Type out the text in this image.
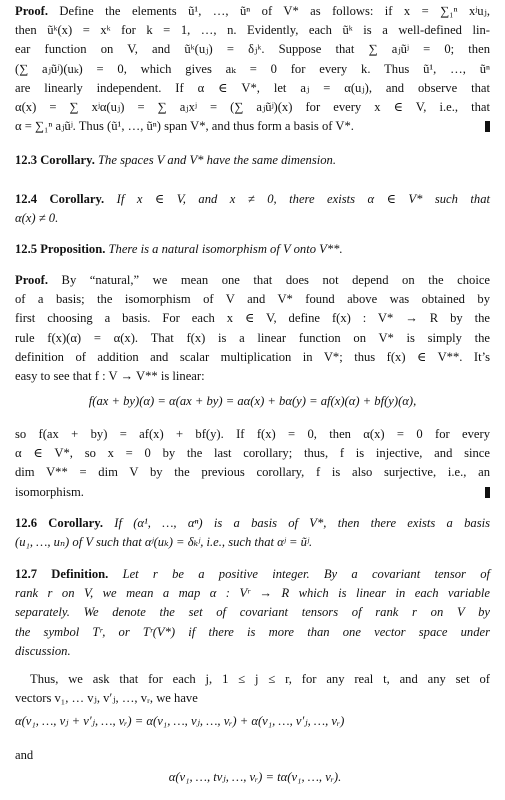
Proof. Define the elements ũ¹, …, ũⁿ of V* as follows: if x = ∑₁ⁿ xʲuⱼ,
then ũᵏ(x) = xᵏ for k = 1, …, n. Evidently, each ũᵏ is a well-defined lin-
ear function on V, and ũᵏ(uⱼ) = δⱼᵏ. Suppose that ∑ aⱼũʲ = 0; then
(∑ aⱼũʲ)(uₖ) = 0, which gives aₖ = 0 for every k. Thus ũ¹, …, ũⁿ
are linearly independent. If α ∈ V*, let aⱼ = α(uⱼ), and observe that
α(x) = ∑ xʲα(uⱼ) = ∑ aⱼxʲ = (∑ aⱼũʲ)(x) for every x ∈ V, i.e., that
α = ∑₁ⁿ aⱼũʲ. Thus (ũ¹, …, ũⁿ) span V*, and thus form a basis of V*.
12.3 Corollary. The spaces V and V* have the same dimension.
12.4 Corollary. If x ∈ V, and x ≠ 0, there exists α ∈ V* such that
α(x) ≠ 0.
12.5 Proposition. There is a natural isomorphism of V onto V**.
Proof. By “natural,” we mean one that does not depend on the choice
of a basis; the isomorphism of V and V* found above was obtained by
first choosing a basis. For each x ∈ V, define f(x) : V* → R by the
rule f(x)(α) = α(x). That f(x) is a linear function on V* is simply the
definition of addition and scalar multiplication in V*; thus f(x) ∈ V**. It’s
easy to see that f : V → V** is linear:
f(ax + by)(α) = α(ax + by) = aα(x) + bα(y) = af(x)(α) + bf(y)(α),
so f(ax + by) = af(x) + bf(y). If f(x) = 0, then α(x) = 0 for every
α ∈ V*, so x = 0 by the last corollary; thus, f is injective, and since
dim V** = dim V by the previous corollary, f is also surjective, i.e., an
isomorphism.
12.6 Corollary. If (α¹, …, αⁿ) is a basis of V*, then there exists a basis
(u₁, …, uₙ) of V such that αʲ(uₖ) = δₖʲ, i.e., such that αʲ = ũʲ.
12.7 Definition. Let r be a positive integer. By a covariant tensor of
rank r on V, we mean a map α : Vʳ → R which is linear in each variable
separately. We denote the set of covariant tensors of rank r on V by
the symbol Tʳ, or Tʳ(V*) if there is more than one vector space under
discussion.
Thus, we ask that for each j, 1 ≤ j ≤ r, for any real t, and any set of
vectors v₁, … vⱼ, v′ⱼ, …, vᵣ, we have
α(v₁, …, vⱼ + v′ⱼ, …, vᵣ) = α(v₁, …, vⱼ, …, vᵣ) + α(v₁, …, v′ⱼ, …, vᵣ)
and
α(v₁, …, tvⱼ, …, vᵣ) = tα(v₁, …, vᵣ).
